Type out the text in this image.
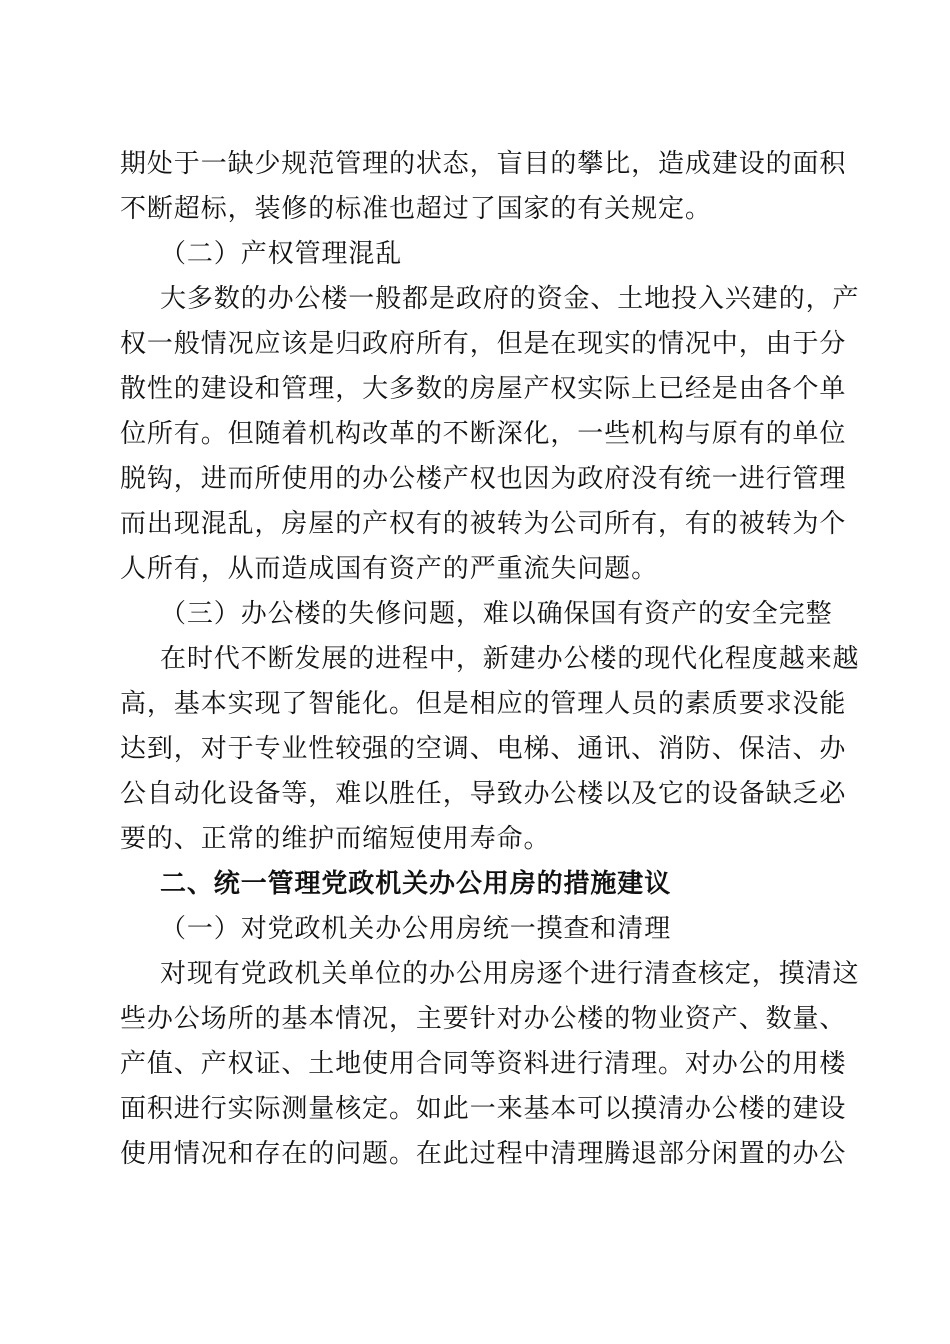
期处于一缺少规范管理的状态，盲目的攀比，造成建设的面积
不断超标，装修的标准也超过了国家的有关规定。
（二）产权管理混乱
大多数的办公楼一般都是政府的资金、土地投入兴建的，产
权一般情况应该是归政府所有，但是在现实的情况中，由于分
散性的建设和管理，大多数的房屋产权实际上已经是由各个单
位所有。但随着机构改革的不断深化，一些机构与原有的单位
脱钩，进而所使用的办公楼产权也因为政府没有统一进行管理
而出现混乱，房屋的产权有的被转为公司所有，有的被转为个
人所有，从而造成国有资产的严重流失问题。
（三）办公楼的失修问题，难以确保国有资产的安全完整
在时代不断发展的进程中，新建办公楼的现代化程度越来越
高，基本实现了智能化。但是相应的管理人员的素质要求没能
达到，对于专业性较强的空调、电梯、通讯、消防、保洁、办
公自动化设备等，难以胜任，导致办公楼以及它的设备缺乏必
要的、正常的维护而缩短使用寿命。
二、统一管理党政机关办公用房的措施建议
（一）对党政机关办公用房统一摸查和清理
对现有党政机关单位的办公用房逐个进行清查核定，摸清这
些办公场所的基本情况，主要针对办公楼的物业资产、数量、
产值、产权证、土地使用合同等资料进行清理。对办公的用楼
面积进行实际测量核定。如此一来基本可以摸清办公楼的建设
使用情况和存在的问题。在此过程中清理腾退部分闲置的办公
